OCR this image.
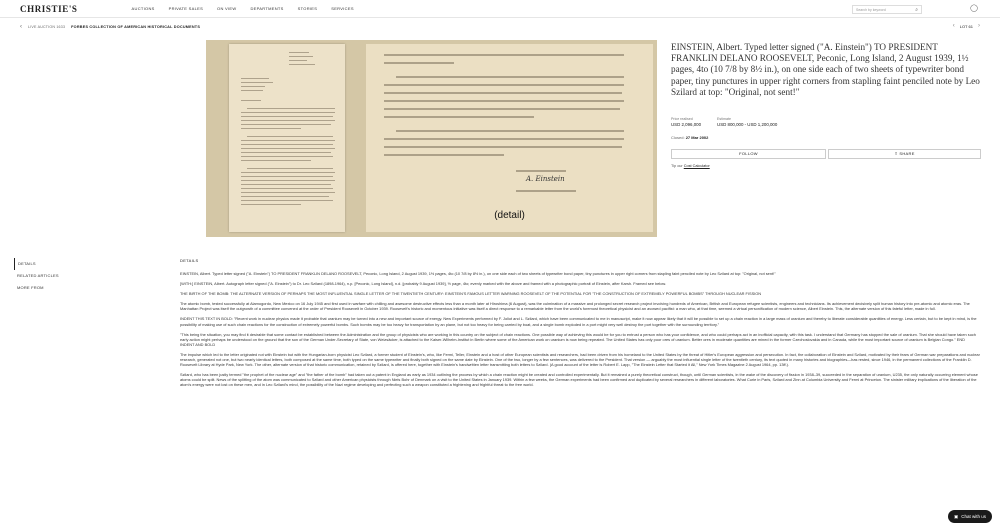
CHRISTIE'S	AUCTIONS	PRIVATE SALES	ON VIEW	DEPARTMENTS	STORIES	SERVICES	Search by keyword	⌕	◯
‹ LIVE AUCTION 1633 FORBES COLLECTION OF AMERICAN HISTORICAL DOCUMENTS	‹ LOT 61 ›
A. Einstein
(detail)
EINSTEIN, Albert. Typed letter signed ("A. Einstein") TO PRESIDENT FRANKLIN DELANO ROOSEVELT, Peconic, Long Island, 2 August 1939, 1½ pages, 4to (10 7/8 by 8½ in.), on one side each of two sheets of typewriter bond paper, tiny punctures in upper right corners from stapling faint penciled note by Leo Szilard at top: "Original, not sent!"
Price realised
USD 2,096,000
Estimate
USD 800,000 - USD 1,200,000
Closed: 27 Mar 2002
FOLLOW	⇪ SHARE
Tip our Cost Calculator
DETAILS
RELATED ARTICLES
MORE FROM
DETAILS

EINSTEIN, Albert. Typed letter signed ("A. Einstein") TO PRESIDENT FRANKLIN DELANO ROOSEVELT, Peconic, Long Island, 2 August 1939, 1½ pages, 4to (10 7/8 by 8½ in.), on one side each of two sheets of typewriter bond paper, tiny punctures in upper right corners from stapling faint penciled note by Leo Szilard at top: "Original, not sent!"

[WITH:] EINSTEIN, Albert. Autograph letter signed ("A. Einstein") to Dr. Leo Szilard (1898-1964), n.p. [Peconic, Long Island], n.d. [probably 9 August 1939], ½ page, 4to; evenly marked with the above and framed with a photographic portrait of Einstein, after Karsh. Framed see below.

THE BIRTH OF THE BOMB: THE ALTERNATE VERSION OF PERHAPS THE MOST INFLUENTIAL SINGLE LETTER OF THE TWENTIETH CENTURY: EINSTEIN'S FAMOUS LETTER WARNING ROOSEVELT OF THE POTENTIAL FOR "THE CONSTRUCTION OF EXTREMELY POWERFUL BOMBS" THROUGH NUCLEAR FISSION

The atomic bomb, tested successfully at Alamogordo, New Mexico on 16 July 1945 and first used in warfare with chilling and awesome destructive effects less than a month later at Hiroshima (6 August), was the culmination of a massive and prolonged secret research project involving hundreds of American, British and European refugee scientists, engineers and technicians. Its achievement decisively split human history into pre-atomic and atomic eras. The Manhattan Project was itself the outgrowth of a committee convened at the order of President Roosevelt in October 1939. Roosevelt's historic and momentous initiative was itself a direct response to a remarkable letter from the world's foremost theoretical physicist and an avowed pacifist: a man who, at that time, seemed a virtual personification of modern science, Albert Einstein. This, the alternate version of this fateful letter, made in full.

INDENT THIS TEXT IN BOLD: "Recent work in nuclear physics made it probable that uranium may be turned into a new and important source of energy. New Experiments performed by F. Joliot and L. Szilard, which have been communicated to me in manuscript, make it now appear likely that it will be possible to set up a chain reaction in a large mass of uranium and thereby to liberate considerable quantities of energy. Less certain, but to be kept in mind, is the possibility of making use of such chain reactions for the construction of extremely powerful bombs. Such bombs may be too heavy for transportation by an plane, but not too heavy for being carried by boat, and a single bomb exploded in a port might very well destroy the port together with the surrounding territory."

"This being the situation, you may find it desirable that some contact be established between the Administration and the group of physicists who are working in this country on the subject of chain reactions. One possible way of achieving this would be for you to entrust a person who has your confidence, and who could perhaps act in an inofficial capacity, with this task. I understand that Germany has stopped the sale of uranium. That she should have taken such early action might perhaps be understood on the ground that the son of the German Under-Secretary of State, von Weizsäcker, is attached to the Kaiser-Wilhelm-Institut in Berlin where some of the American work on uranium is now being repeated. The United States has only poor ores of uranium. Better ores in moderate quantities are mined in the former Czechoslovakia and in Canada, while the most important source of uranium is Belgian Congo." END INDENT AND BOLD

The impulse which led to the letter originated not with Einstein but with the Hungarian-born physicist Leo Szilard, a former student of Einstein's, who, like Fermi, Teller, Einstein and a host of other European scientists and researchers, had been driven from his homeland to the United States by the threat of Hitler's European aggression and persecution. In fact, the collaboration of Einstein and Szilard, motivated by their fears of German war preparations and nuclear research, generated not one, but two nearly identical letters, both composed at the same time, both typed on the same typewriter and finally both signed on the same date by Einstein. One of the two, longer by a few sentences, was delivered to the President. That version — arguably the most influential single letter of the twentieth century, its text quoted in many histories and biographies—has rested, since 1946, in the permanent collections of the Franklin D. Roosevelt Library at Hyde Park, New York. The other, alternate version of that historic communication, retained by Szilard, is offered here, together with Einstein's handwritten letter transmitting both letters to Szilard. (A good account of the letter is Robert E. Lapp, "The Einstein Letter that Started it All," New York Times Magazine 2 August 1964, pp. 13ff.).

Szilard, who has been justly termed "the prophet of the nuclear age" and "the father of the bomb" had taken out a patent in England as early as 1934 outlining the process by which a chain reaction might be created and controlled experimentally. But it remained a purely theoretical construct, though, until German scientists, in the wake of the discovery of fission in 1938–39, succeeded in the separation of uranium, U235, the only naturally occurring element whose atoms could be split. News of the splitting of the atom was communicated to Szilard and other American physicists through Niels Bohr of Denmark on a visit to the United States in January 1939. Within a few weeks, the German experiments had been confirmed and duplicated by several researchers in different laboratories. What Curie in Paris, Szilard and Zinn at Columbia University and Fermi at Princeton. The sinister military implications of the liberation of the atom's energy were not lost on these men, and in Leo Szilard's mind, the possibility of the Nazi regime developing and perfecting such a weapon constituted a frightening and frightful threat to the free world.

▣ Chat with us
